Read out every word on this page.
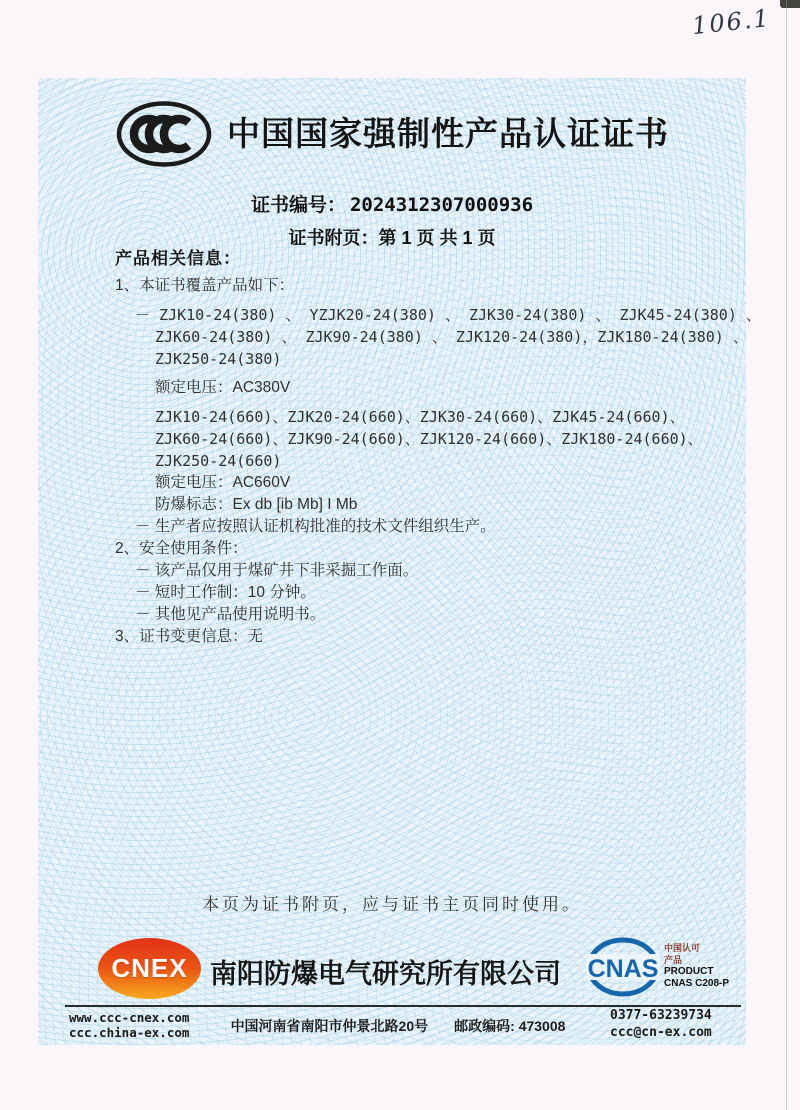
106.1
中国国家强制性产品认证证书
证书编号： 2024312307000936
证书附页：第 1 页 共 1 页
产品相关信息：
1、本证书覆盖产品如下：
－ ZJK10-24(380) 、 YZJK20-24(380) 、 ZJK30-24(380) 、 ZJK45-24(380) 、
ZJK60-24(380) 、 ZJK90-24(380) 、 ZJK120-24(380)，ZJK180-24(380) 、
ZJK250-24(380)
额定电压：AC380V
ZJK10-24(660)、ZJK20-24(660)、ZJK30-24(660)、ZJK45-24(660)、
ZJK60-24(660)、ZJK90-24(660)、ZJK120-24(660)、ZJK180-24(660)、
ZJK250-24(660)
额定电压：AC660V
防爆标志：Ex db [ib Mb] I Mb
－ 生产者应按照认证机构批准的技术文件组织生产。
2、安全使用条件：
－ 该产品仅用于煤矿井下非采掘工作面。
－ 短时工作制：10 分钟。
－ 其他见产品使用说明书。
3、证书变更信息：无
本页为证书附页，应与证书主页同时使用。
CNEX 南阳防爆电气研究所有限公司 CNAS
中国认可
产品
PRODUCT
CNAS C208-P
www.ccc-cnex.com
ccc.china-ex.com	中国河南省南阳市仲景北路20号 邮政编码: 473008
0377-63239734
ccc@cn-ex.com
